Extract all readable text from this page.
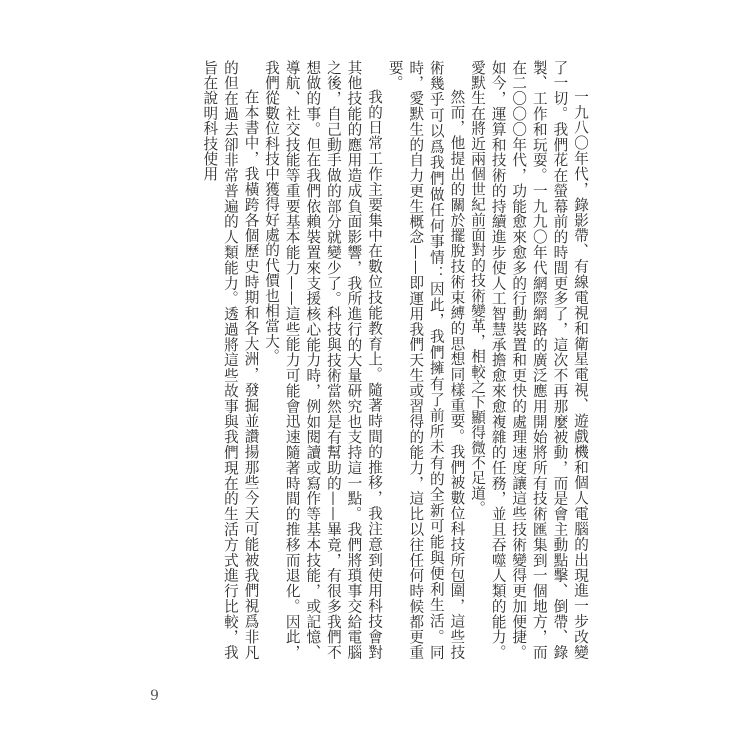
一九八〇年代，錄影帶、有線電視和衛星電視、遊戲機和個人電腦的出現進一步改變了一切。我們花在螢幕前的時間更多了，這次不再那麼被動，而是會主動點擊、倒帶、錄製、工作和玩耍。一九九〇年代網際網路的廣泛應用開始將所有技術匯集到一個地方，而在二〇〇〇年代，功能愈來愈多的行動裝置和更快的處理速度讓這些技術變得更加便捷。如今，運算和技術的持續進步使人工智慧承擔愈來愈複雜的任務，並且吞噬人類的能力。愛默生在將近兩個世紀前面對的技術變革，相較之下顯得微不足道。

然而，他提出的關於擺脫技術束縛的思想同樣重要。我們被數位科技所包圍，這些技術幾乎可以爲我們做任何事情：因此，我們擁有了前所未有的全新可能與便利生活。同時，愛默生的自力更生概念——即運用我們天生或習得的能力，這比以往任何時候都更重要。

我的日常工作主要集中在數位技能教育上。隨著時間的推移，我注意到使用科技會對其他技能的應用造成負面影響，我所進行的大量研究也支持這一點。我們將瑣事交給電腦之後，自己動手做的部分就變少了。科技與技術當然是有幫助的——畢竟，有很多我們不想做的事。但在我們依賴裝置來支援核心能力時，例如閱讀或寫作等基本技能，或記憶、導航、社交技能等重要基本能力——這些能力可能會迅速隨著時間的推移而退化。因此，我們從數位科技中獲得好處的代價也相當大。

在本書中，我橫跨各個歷史時期和各大洲，發掘並讚揚那些今天可能被我們視爲非凡的但在過去卻非常普遍的人類能力。透過將這些故事與我們現在的生活方式進行比較，我旨在說明科技使用

9
